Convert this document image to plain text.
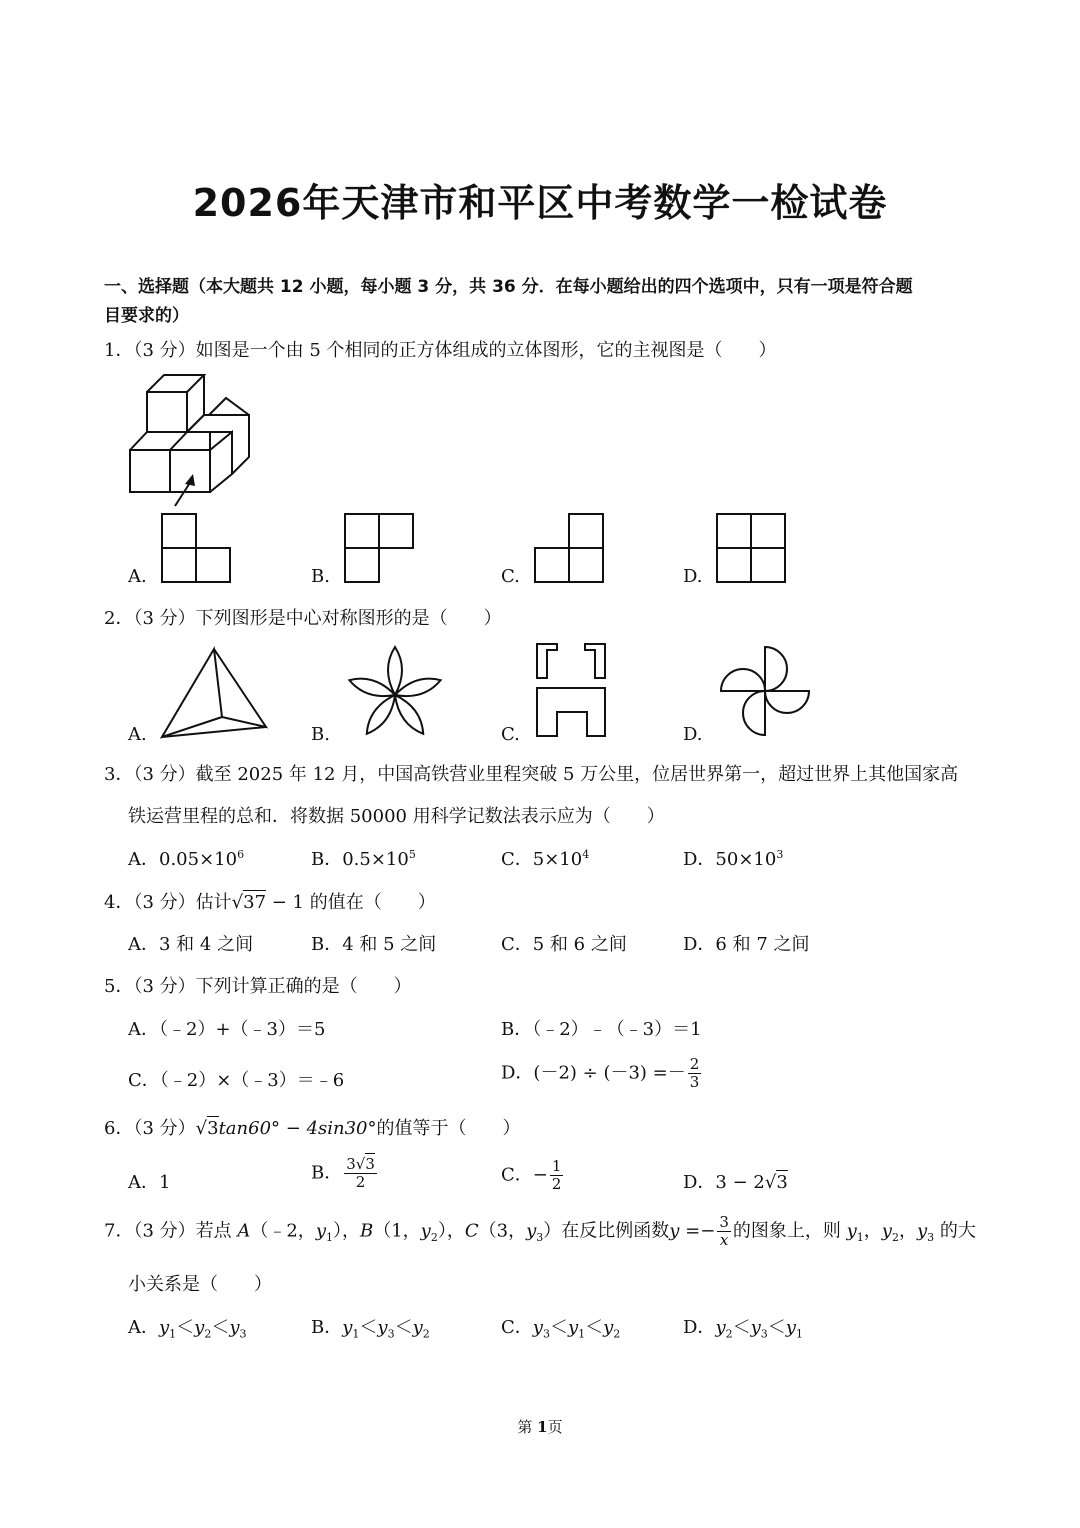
2026年天津市和平区中考数学一检试卷
一、选择题（本大题共 12 小题，每小题 3 分，共 36 分．在每小题给出的四个选项中，只有一项是符合题
目要求的）
1．（3 分）如图是一个由 5 个相同的正方体组成的立体图形，它的主视图是（　　）
A.	B.	C.	D.
2．（3 分）下列图形是中心对称图形的是（　　）
A.	B.	C.	D.
3．（3 分）截至 2025 年 12 月，中国高铁营业里程突破 5 万公里，位居世界第一，超过世界上其他国家高
铁运营里程的总和．将数据 50000 用科学记数法表示应为（　　）
A．$0.05\times 10^6$	B．$0.5\times 10^5$	C．$5\times 10^4$	D．$50\times 10^3$
4．（3 分）估计√37 − 1 的值在（　　）
A．3 和 4 之间	B．4 和 5 之间	C．5 和 6 之间	D．6 和 7 之间
5．（3 分）下列计算正确的是（　　）
A．（﹣2）+（﹣3）＝5	B．（﹣2）﹣（﹣3）＝1
C．（﹣2）×（﹣3）＝﹣6	D．$(-2) \div (-3) =- \frac{2}{3}$
6．（3 分）√3tan60° − 4sin30°的值等于（　　）
A．1	B． $\frac{3√3}{2}$	C．− $\frac{1}{2}$	D．3 − 2√3
7．（3 分）若点 A（﹣2，$y_1$），B（1，$y_2$），C（3，$y_3$）在反比例函数$y =- \frac{3}{x}$ 的图象上，则 $y_1$，$y_2$，$y_3$ 的大
小关系是（　　）
A．$y_1<y_2<y_3$	B．$y_1<y_3<y_2$	C．$y_3<y_1<y_2$	D．$y_2<y_3<y_1$
第 1页
